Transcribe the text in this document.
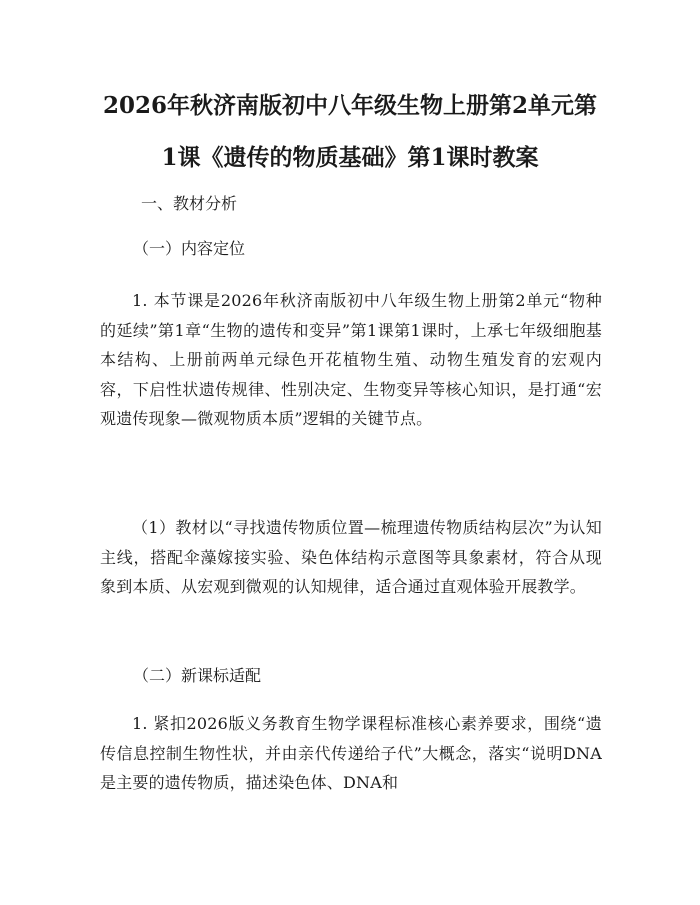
2026年秋济南版初中八年级生物上册第2单元第1课《遗传的物质基础》第1课时教案

一、教材分析

（一）内容定位

1. 本节课是2026年秋济南版初中八年级生物上册第2单元“物种的延续”第1章“生物的遗传和变异”第1课第1课时，上承七年级细胞基本结构、上册前两单元绿色开花植物生殖、动物生殖发育的宏观内容，下启性状遗传规律、性别决定、生物变异等核心知识，是打通“宏观遗传现象—微观物质本质”逻辑的关键节点。

（1）教材以“寻找遗传物质位置—梳理遗传物质结构层次”为认知主线，搭配伞藻嫁接实验、染色体结构示意图等具象素材，符合从现象到本质、从宏观到微观的认知规律，适合通过直观体验开展教学。

（二）新课标适配

1. 紧扣2026版义务教育生物学课程标准核心素养要求，围绕“遗传信息控制生物性状，并由亲代传递给子代”大概念，落实“说明DNA是主要的遗传物质，描述染色体、DNA和
